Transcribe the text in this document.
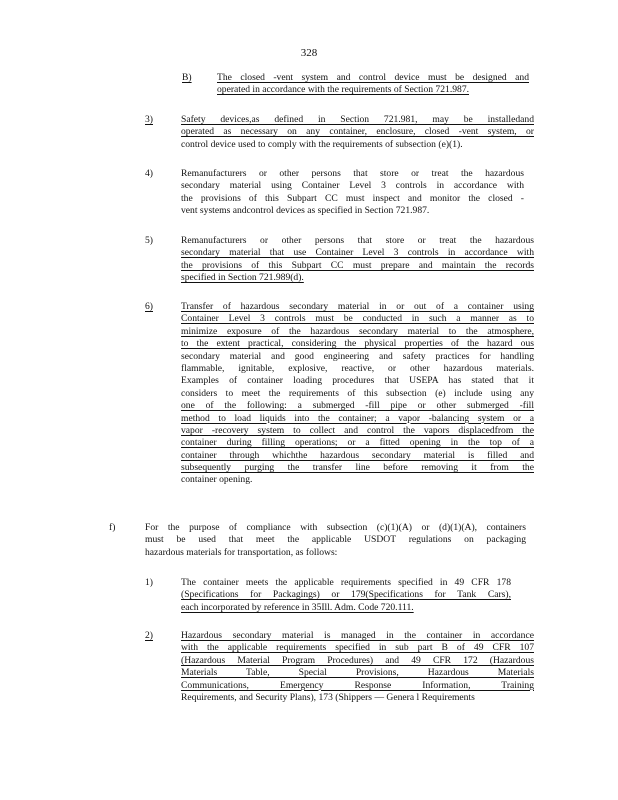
328
B)	The closed -vent system and control device must be designed and
operated in accordance with the requirements of Section 721.987.
3)	Safety devices,as defined in Section 721.981, may be installedand
operated as necessary on any container, enclosure, closed -vent system, or
control device used to comply with the requirements of subsection (e)(1).
4)	Remanufacturers or other persons that store or treat the hazardous
secondary material using Container Level 3 controls in accordance with
the provisions of this Subpart CC must inspect and monitor the closed -
vent systems andcontrol devices as specified in Section 721.987.
5)	Remanufacturers or other persons that store or treat the hazardous
secondary material that use Container Level 3 controls in accordance with
the provisions of this Subpart CC must prepare and maintain the records
specified in Section 721.989(d).
6)	Transfer of hazardous secondary material in or out of a container using
Container Level 3 controls must be conducted in such a manner as to
minimize exposure of the hazardous secondary material to the atmosphere,
to the extent practical, considering the physical properties of the hazard ous
secondary material and good engineering and safety practices for handling
flammable, ignitable, explosive, reactive, or other hazardous materials.
Examples of container loading procedures that USEPA has stated that it
considers to meet the requirements of this subsection (e) include using any
one of the following: a submerged -fill pipe or other submerged -fill
method to load liquids into the container; a vapor -balancing system or a
vapor -recovery system to collect and control the vapors displacedfrom the
container during filling operations; or a fitted opening in the top of a
container through whichthe hazardous secondary material is filled and
subsequently purging the transfer line before removing it from the
container opening.
f)	For the purpose of compliance with subsection (c)(1)(A) or (d)(1)(A), containers
must be used that meet the applicable USDOT regulations on packaging
hazardous materials for transportation, as follows:
1)	The container meets the applicable requirements specified in 49 CFR 178
(Specifications for Packagings) or 179(Specifications for Tank Cars),
each incorporated by reference in 35Ill. Adm. Code 720.111.
2)	Hazardous secondary material is managed in the container in accordance
with the applicable requirements specified in sub part B of 49 CFR 107
(Hazardous Material Program Procedures) and 49 CFR 172 (Hazardous
Materials Table, Special Provisions, Hazardous Materials
Communications, Emergency Response Information, Training
Requirements, and Security Plans), 173 (Shippers — Genera l Requirements
